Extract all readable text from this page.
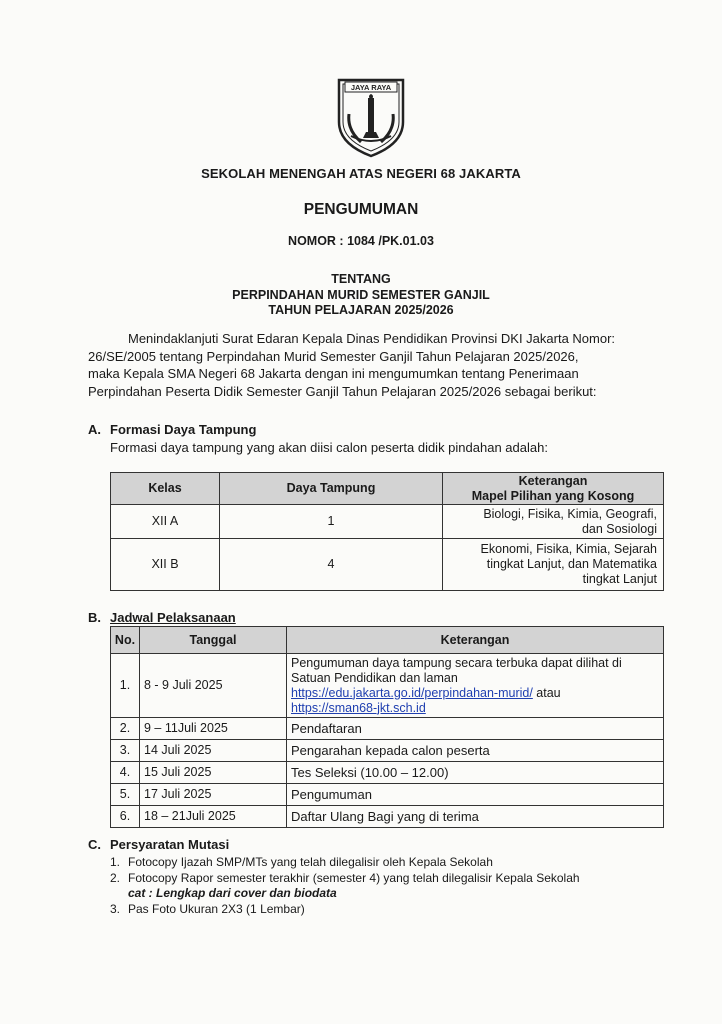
JAYA RAYA
SEKOLAH MENENGAH ATAS NEGERI 68 JAKARTA
PENGUMUMAN
NOMOR : 1084 /PK.01.03
TENTANG
PERPINDAHAN MURID SEMESTER GANJIL
TAHUN PELAJARAN 2025/2026
Menindaklanjuti Surat Edaran Kepala Dinas Pendidikan Provinsi DKI Jakarta Nomor:
26/SE/2005 tentang Perpindahan Murid Semester Ganjil Tahun Pelajaran 2025/2026,
maka Kepala SMA Negeri 68 Jakarta dengan ini mengumumkan tentang Penerimaan
Perpindahan Peserta Didik Semester Ganjil Tahun Pelajaran 2025/2026 sebagai berikut:
A. Formasi Daya Tampung
Formasi daya tampung yang akan diisi calon peserta didik pindahan adalah:
Kelas	Daya Tampung	Keterangan
Mapel Pilihan yang Kosong

XII A	1	Biologi, Fisika, Kimia, Geografi,
dan Sosiologi

XII B	4	Ekonomi, Fisika, Kimia, Sejarah
tingkat Lanjut, dan Matematika
tingkat Lanjut
B. Jadwal Pelaksanaan
No.	Tanggal	Keterangan
1.	8 - 9 Juli 2025	Pengumuman daya tampung secara terbuka dapat dilihat di
Satuan Pendidikan dan laman
https://edu.jakarta.go.id/perpindahan-murid/ atau
https://sman68-jkt.sch.id

2.	9 – 11Juli 2025	Pendaftaran
3.	14 Juli 2025	Pengarahan kepada calon peserta
4.	15 Juli 2025	Tes Seleksi (10.00 – 12.00)
5.	17 Juli 2025	Pengumuman
6.	18 – 21Juli 2025	Daftar Ulang Bagi yang di terima
C. Persyaratan Mutasi
1. Fotocopy Ijazah SMP/MTs yang telah dilegalisir oleh Kepala Sekolah
2. Fotocopy Rapor semester terakhir (semester 4) yang telah dilegalisir Kepala Sekolah
cat : Lengkap dari cover dan biodata
3. Pas Foto Ukuran 2X3 (1 Lembar)
